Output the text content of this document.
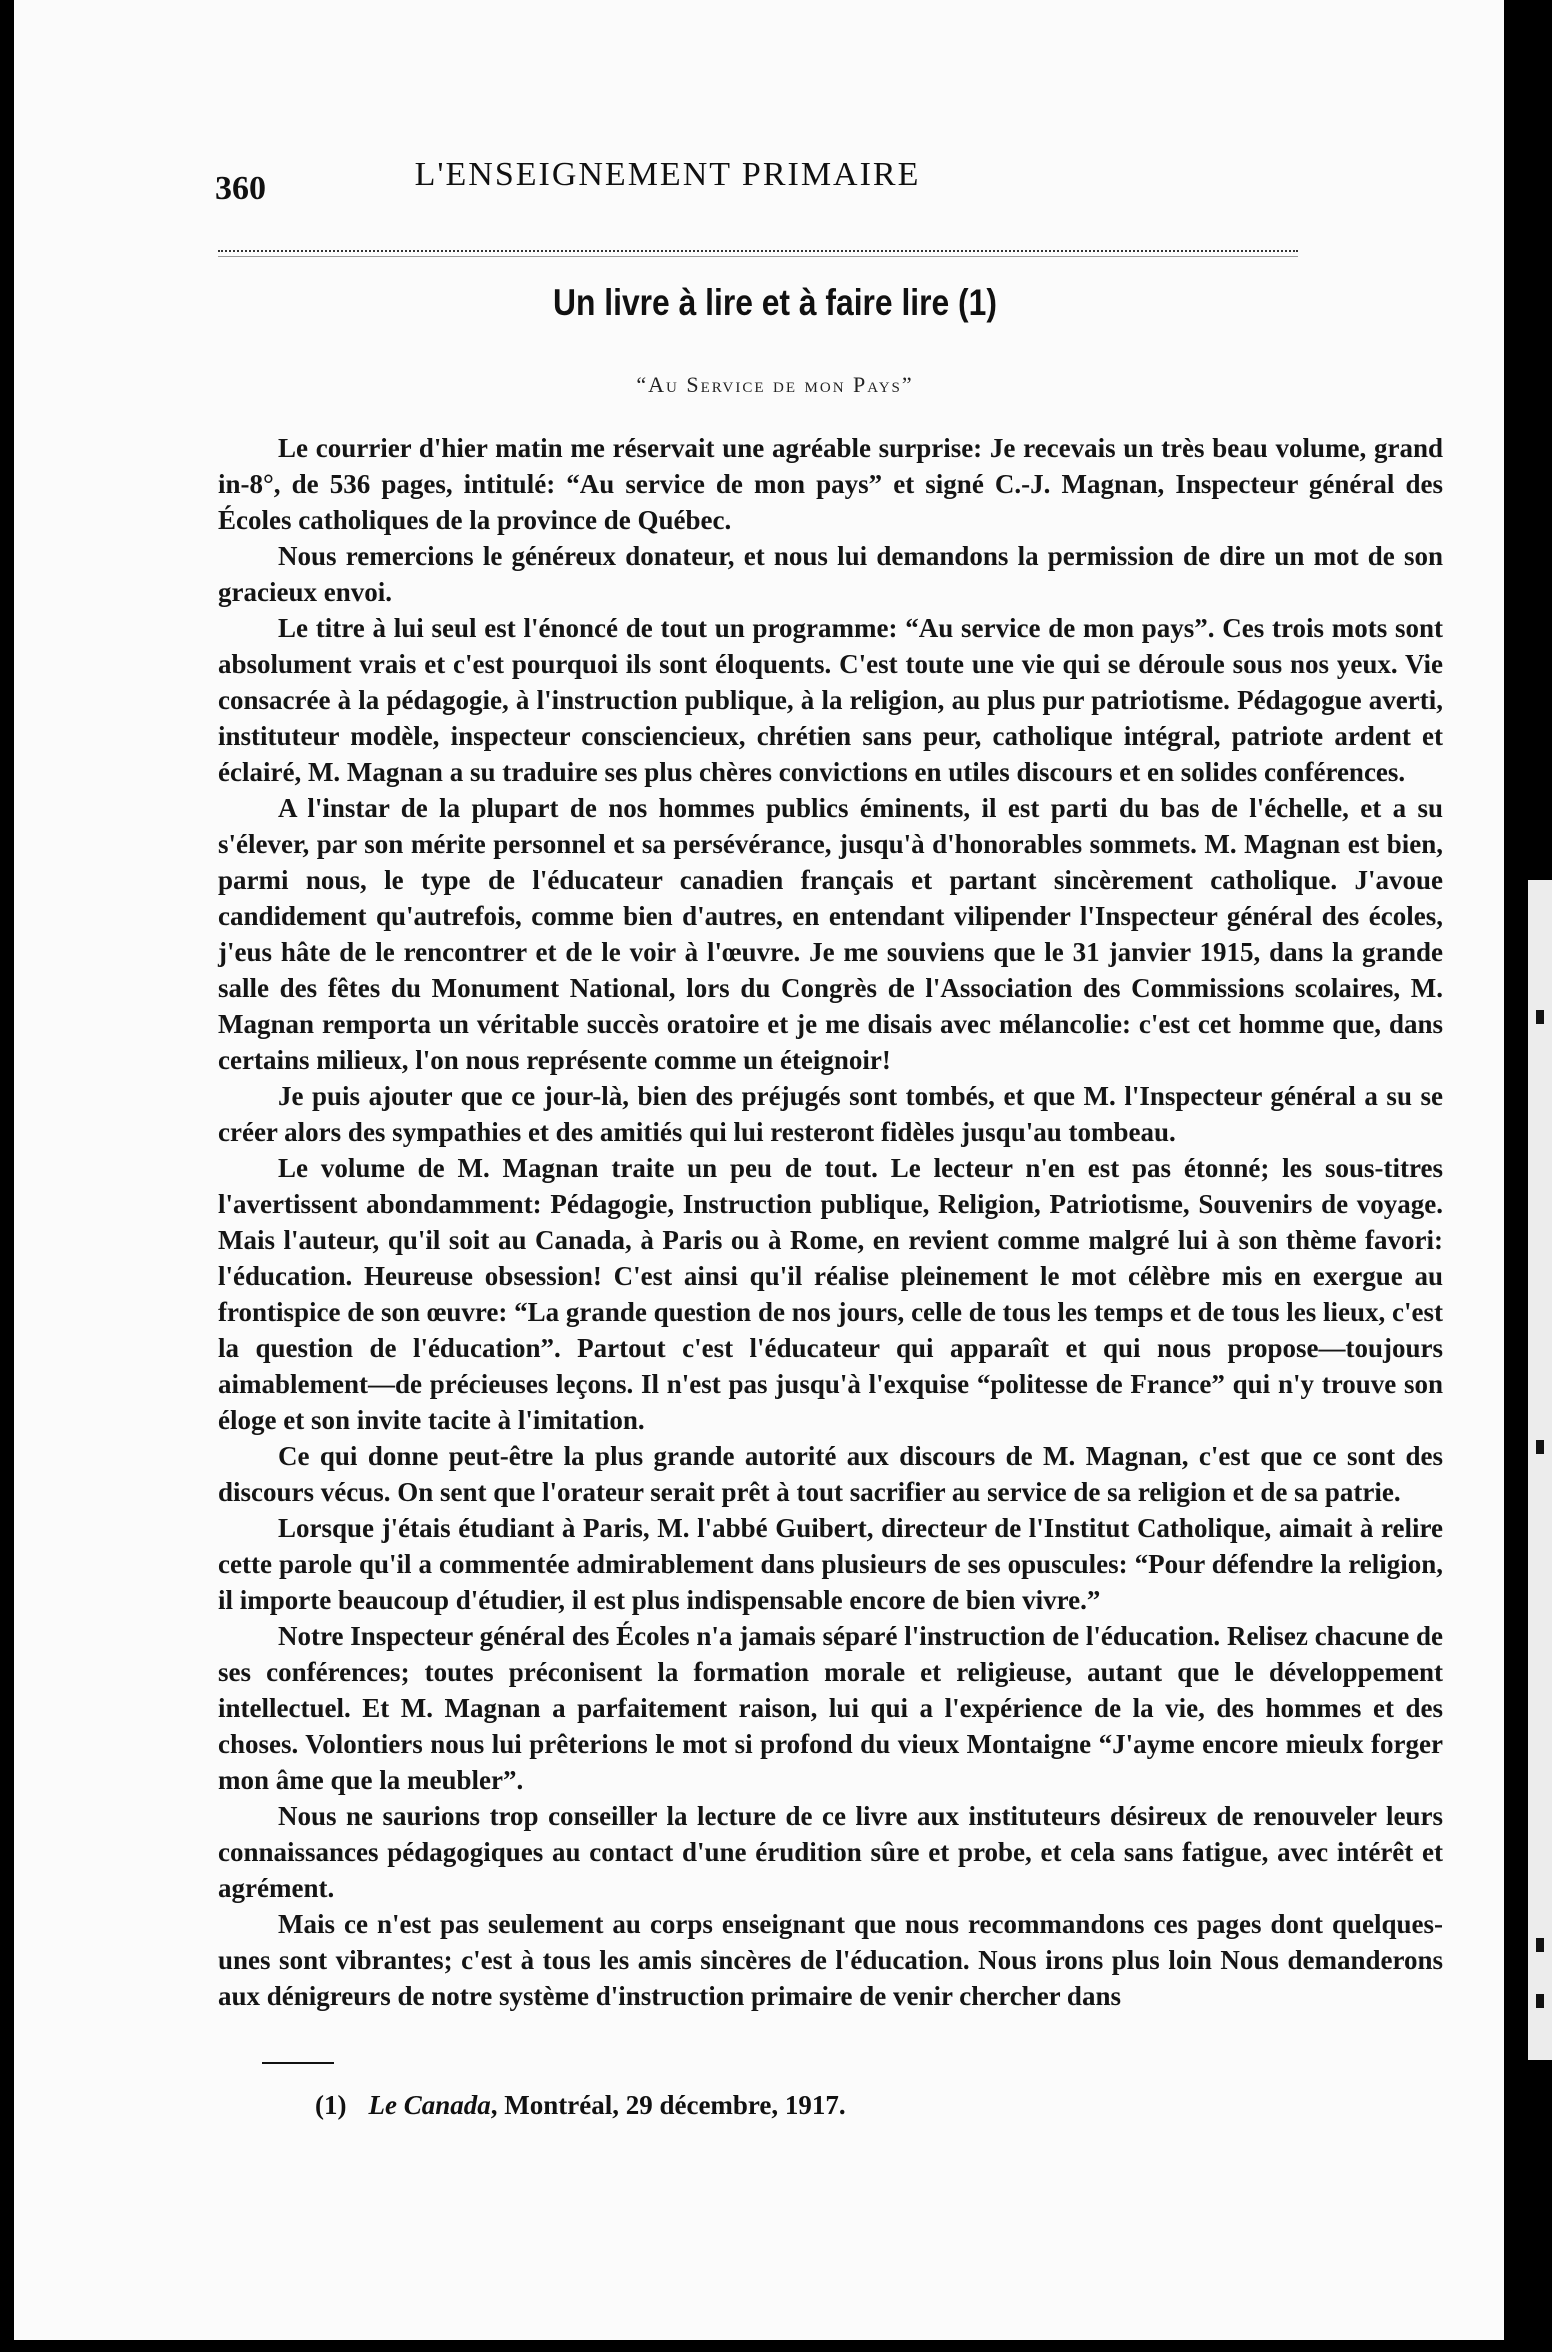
360	L'ENSEIGNEMENT PRIMAIRE
Un livre à lire et à faire lire (1)
“Au Service de mon Pays”

Le courrier d'hier matin me réservait une agréable surprise: Je recevais un très beau volume, grand in-8°, de 536 pages, intitulé: “Au service de mon pays” et signé C.-J. Magnan, Inspecteur général des Écoles catholiques de la province de Québec.

Nous remercions le généreux donateur, et nous lui demandons la permission de dire un mot de son gracieux envoi.

Le titre à lui seul est l'énoncé de tout un programme: “Au service de mon pays”. Ces trois mots sont absolument vrais et c'est pourquoi ils sont éloquents. C'est toute une vie qui se déroule sous nos yeux. Vie consacrée à la pédagogie, à l'instruction publique, à la religion, au plus pur patriotisme. Pédagogue averti, instituteur modèle, inspecteur consciencieux, chrétien sans peur, catholique intégral, patriote ardent et éclairé, M. Magnan a su traduire ses plus chères convictions en utiles discours et en solides conférences.

A l'instar de la plupart de nos hommes publics éminents, il est parti du bas de l'échelle, et a su s'élever, par son mérite personnel et sa persévérance, jusqu'à d'honorables sommets. M. Magnan est bien, parmi nous, le type de l'éducateur canadien français et partant sincèrement catholique. J'avoue candidement qu'autrefois, comme bien d'autres, en entendant vilipender l'Inspecteur général des écoles, j'eus hâte de le rencontrer et de le voir à l'œuvre. Je me souviens que le 31 janvier 1915, dans la grande salle des fêtes du Monument National, lors du Congrès de l'Association des Commissions scolaires, M. Magnan remporta un véritable succès oratoire et je me disais avec mélancolie: c'est cet homme que, dans certains milieux, l'on nous représente comme un éteignoir!

Je puis ajouter que ce jour-là, bien des préjugés sont tombés, et que M. l'Inspecteur général a su se créer alors des sympathies et des amitiés qui lui resteront fidèles jusqu'au tombeau.

Le volume de M. Magnan traite un peu de tout. Le lecteur n'en est pas étonné; les sous-titres l'avertissent abondamment: Pédagogie, Instruction publique, Religion, Patriotisme, Souvenirs de voyage. Mais l'auteur, qu'il soit au Canada, à Paris ou à Rome, en revient comme malgré lui à son thème favori: l'éducation. Heureuse obsession! C'est ainsi qu'il réalise pleinement le mot célèbre mis en exergue au frontispice de son œuvre: “La grande question de nos jours, celle de tous les temps et de tous les lieux, c'est la question de l'éducation”. Partout c'est l'éducateur qui apparaît et qui nous propose—toujours aimablement—de précieuses leçons. Il n'est pas jusqu'à l'exquise “politesse de France” qui n'y trouve son éloge et son invite tacite à l'imitation.

Ce qui donne peut-être la plus grande autorité aux discours de M. Magnan, c'est que ce sont des discours vécus. On sent que l'orateur serait prêt à tout sacrifier au service de sa religion et de sa patrie.

Lorsque j'étais étudiant à Paris, M. l'abbé Guibert, directeur de l'Institut Catholique, aimait à relire cette parole qu'il a commentée admirablement dans plusieurs de ses opuscules: “Pour défendre la religion, il importe beaucoup d'étudier, il est plus indispensable encore de bien vivre.”

Notre Inspecteur général des Écoles n'a jamais séparé l'instruction de l'éducation. Relisez chacune de ses conférences; toutes préconisent la formation morale et religieuse, autant que le développement intellectuel. Et M. Magnan a parfaitement raison, lui qui a l'expérience de la vie, des hommes et des choses. Volontiers nous lui prêterions le mot si profond du vieux Montaigne “J'ayme encore mieulx forger mon âme que la meubler”.

Nous ne saurions trop conseiller la lecture de ce livre aux instituteurs désireux de renouveler leurs connaissances pédagogiques au contact d'une érudition sûre et probe, et cela sans fatigue, avec intérêt et agrément.

Mais ce n'est pas seulement au corps enseignant que nous recommandons ces pages dont quelques-unes sont vibrantes; c'est à tous les amis sincères de l'éducation. Nous irons plus loin Nous demanderons aux dénigreurs de notre système d'instruction primaire de venir chercher dans

(1) Le Canada, Montréal, 29 décembre, 1917.
